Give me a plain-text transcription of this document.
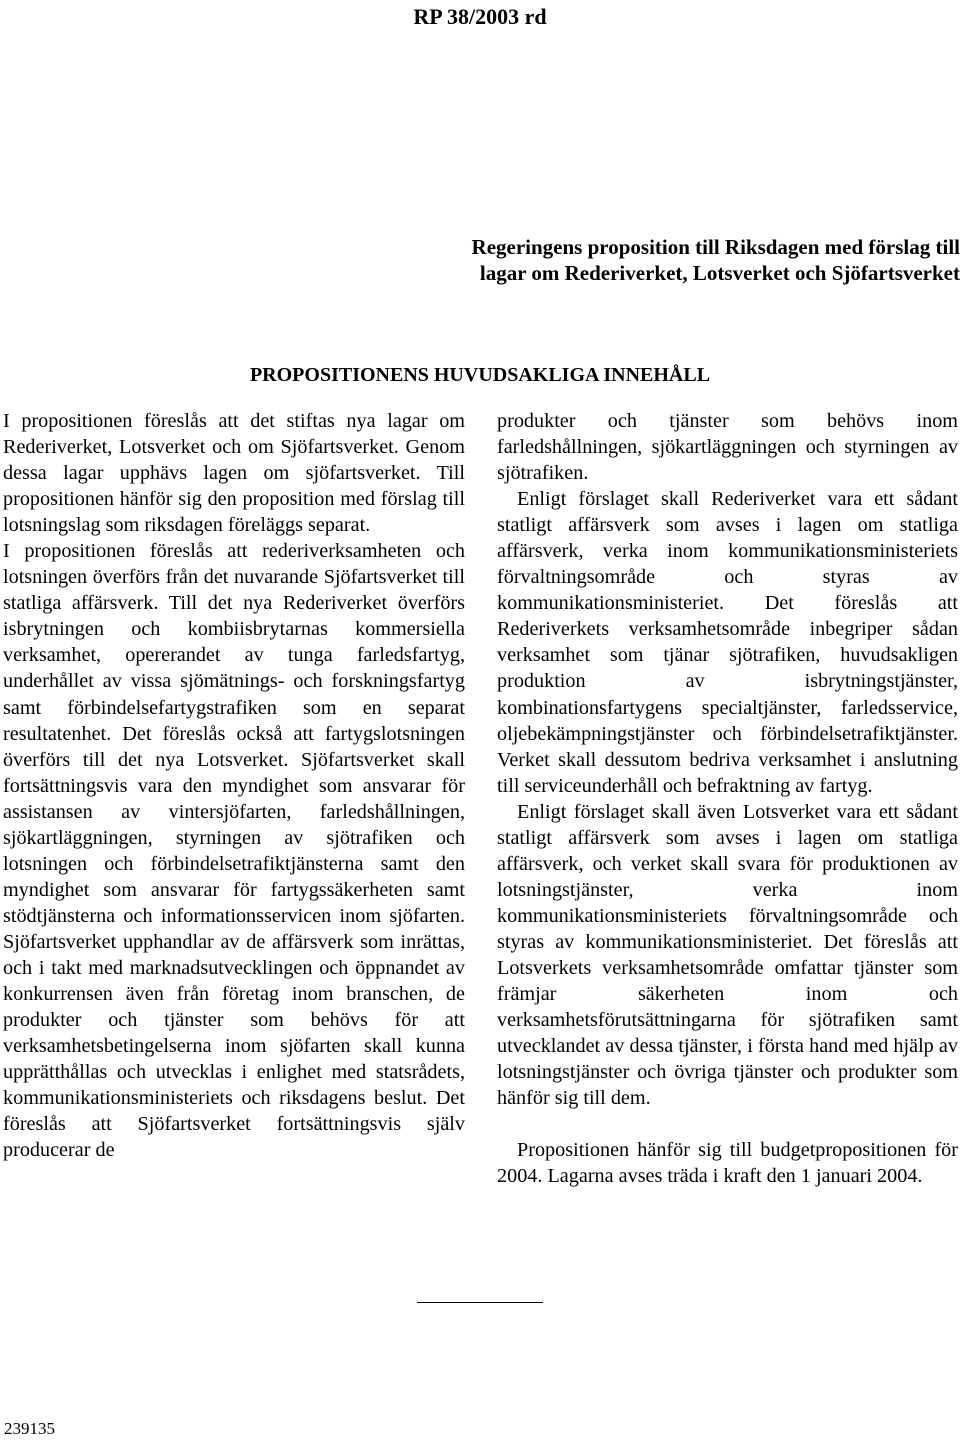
RP 38/2003 rd
Regeringens proposition till Riksdagen med förslag till
lagar om Rederiverket, Lotsverket och Sjöfartsverket
PROPOSITIONENS HUVUDSAKLIGA INNEHÅLL

I propositionen föreslås att det stiftas nya lagar om Rederiverket, Lotsverket och om Sjöfartsverket. Genom dessa lagar upphävs lagen om sjöfartsverket. Till propositionen hänför sig den proposition med förslag till lotsningslag som riksdagen föreläggs separat.

I propositionen föreslås att rederiverksamheten och lotsningen överförs från det nuvarande Sjöfartsverket till statliga affärsverk. Till det nya Rederiverket överförs isbrytningen och kombiisbrytarnas kommersiella verksamhet, opererandet av tunga farledsfartyg, underhållet av vissa sjömätnings- och forskningsfartyg samt förbindelsefartygstrafiken som en separat resultatenhet. Det föreslås också att fartygslotsningen överförs till det nya Lotsverket. Sjöfartsverket skall fortsättningsvis vara den myndighet som ansvarar för assistansen av vintersjöfarten, farledshållningen, sjökartläggningen, styrningen av sjötrafiken och lotsningen och förbindelsetrafiktjänsterna samt den myndighet som ansvarar för fartygssäkerheten samt stödtjänsterna och informationsservicen inom sjöfarten. Sjöfartsverket upphandlar av de affärsverk som inrättas, och i takt med marknadsutvecklingen och öppnandet av konkurrensen även från företag inom branschen, de produkter och tjänster som behövs för att verksamhetsbetingelserna inom sjöfarten skall kunna upprätthållas och utvecklas i enlighet med statsrådets, kommunikationsministeriets och riksdagens beslut. Det föreslås att Sjöfartsverket fortsättningsvis själv producerar de

produkter och tjänster som behövs inom farledshållningen, sjökartläggningen och styrningen av sjötrafiken.

Enligt förslaget skall Rederiverket vara ett sådant statligt affärsverk som avses i lagen om statliga affärsverk, verka inom kommunikationsministeriets förvaltningsområde och styras av kommunikationsministeriet. Det föreslås att Rederiverkets verksamhetsområde inbegriper sådan verksamhet som tjänar sjötrafiken, huvudsakligen produktion av isbrytningstjänster, kombinationsfartygens specialtjänster, farledsservice, oljebekämpningstjänster och förbindelsetrafiktjänster. Verket skall dessutom bedriva verksamhet i anslutning till serviceunderhåll och befraktning av fartyg.

Enligt förslaget skall även Lotsverket vara ett sådant statligt affärsverk som avses i lagen om statliga affärsverk, och verket skall svara för produktionen av lotsningstjänster, verka inom kommunikationsministeriets förvaltningsområde och styras av kommunikationsministeriet. Det föreslås att Lotsverkets verksamhetsområde omfattar tjänster som främjar säkerheten inom och verksamhetsförutsättningarna för sjötrafiken samt utvecklandet av dessa tjänster, i första hand med hjälp av lotsningstjänster och övriga tjänster och produkter som hänför sig till dem.

Propositionen hänför sig till budgetpropositionen för 2004. Lagarna avses träda i kraft den 1 januari 2004.

239135
